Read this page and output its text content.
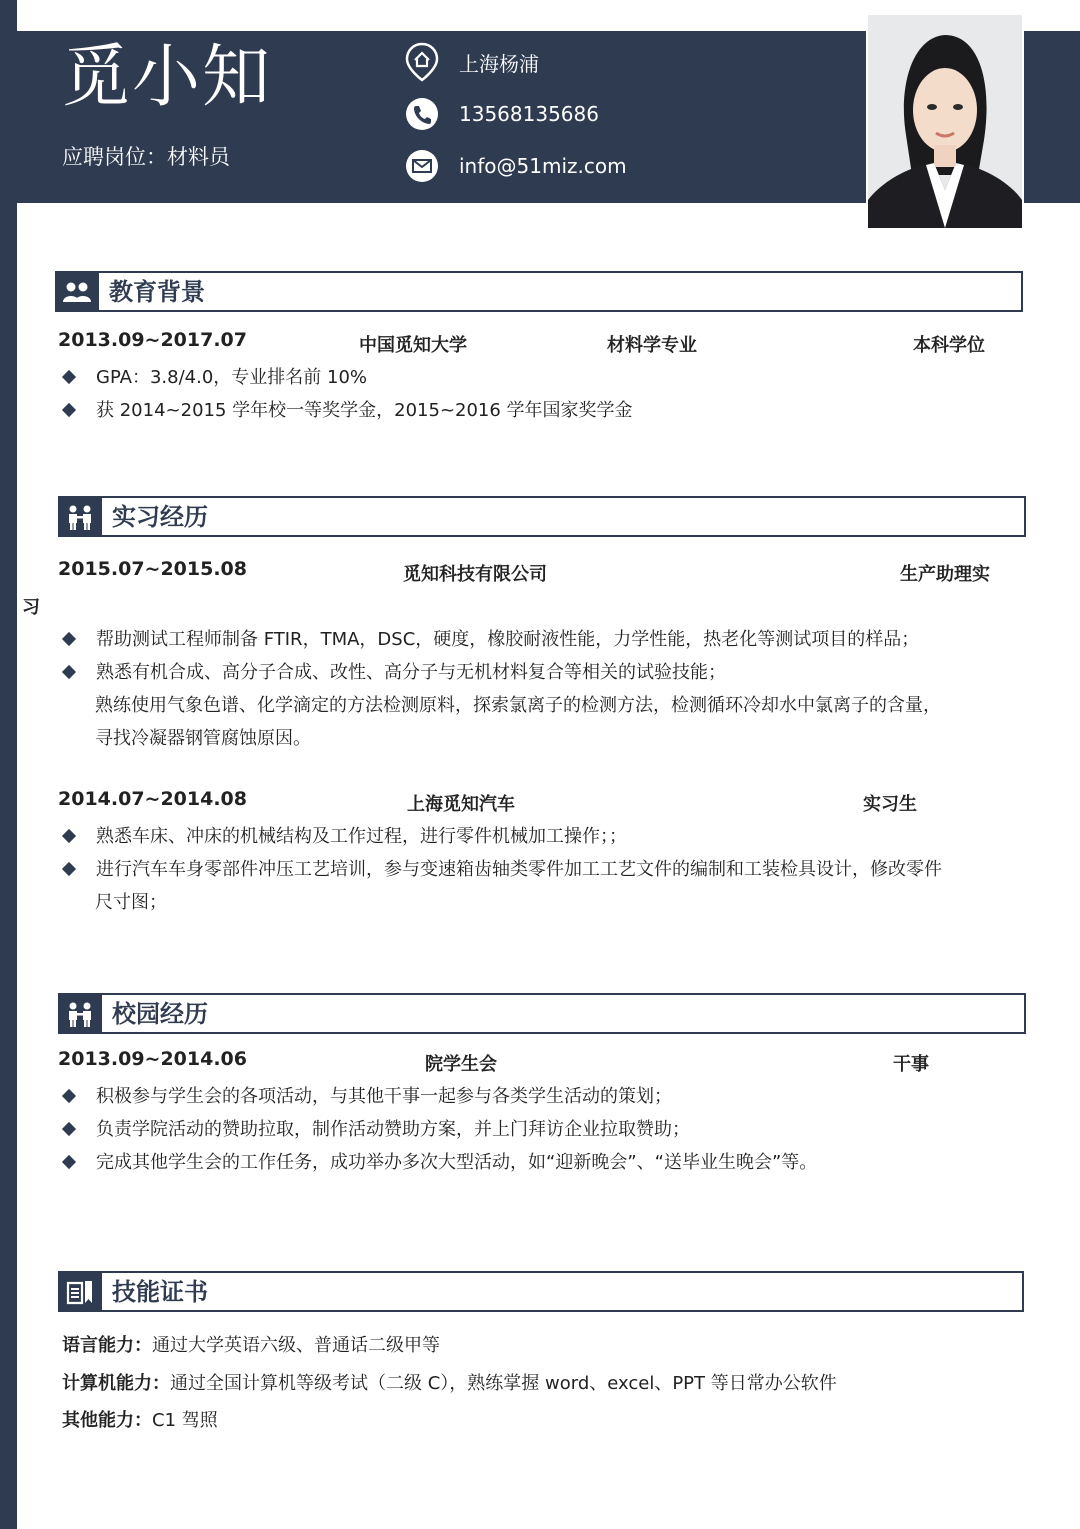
觅小知
应聘岗位：材料员
上海杨浦
13568135686
info@51miz.com
教育背景
2013.09~2017.07	中国觅知大学	材料学专业	本科学位
GPA：3.8/4.0，专业排名前 10%
获 2014~2015 学年校一等奖学金，2015~2016 学年国家奖学金
实习经历
2015.07~2015.08	觅知科技有限公司	生产助理实
习
帮助测试工程师制备 FTIR，TMA，DSC，硬度，橡胶耐液性能，力学性能，热老化等测试项目的样品；
熟悉有机合成、高分子合成、改性、高分子与无机材料复合等相关的试验技能；
熟练使用气象色谱、化学滴定的方法检测原料，探索氯离子的检测方法，检测循环冷却水中氯离子的含量，
寻找冷凝器钢管腐蚀原因。
2014.07~2014.08	上海觅知汽车	实习生
熟悉车床、冲床的机械结构及工作过程，进行零件机械加工操作；；
进行汽车车身零部件冲压工艺培训，参与变速箱齿轴类零件加工工艺文件的编制和工装检具设计，修改零件
尺寸图；
校园经历
2013.09~2014.06	院学生会	干事
积极参与学生会的各项活动，与其他干事一起参与各类学生活动的策划；
负责学院活动的赞助拉取，制作活动赞助方案，并上门拜访企业拉取赞助；
完成其他学生会的工作任务，成功举办多次大型活动，如“迎新晚会”、“送毕业生晚会”等。
技能证书
语言能力：通过大学英语六级、普通话二级甲等
计算机能力：通过全国计算机等级考试（二级 C），熟练掌握 word、excel、PPT 等日常办公软件
其他能力：C1 驾照
